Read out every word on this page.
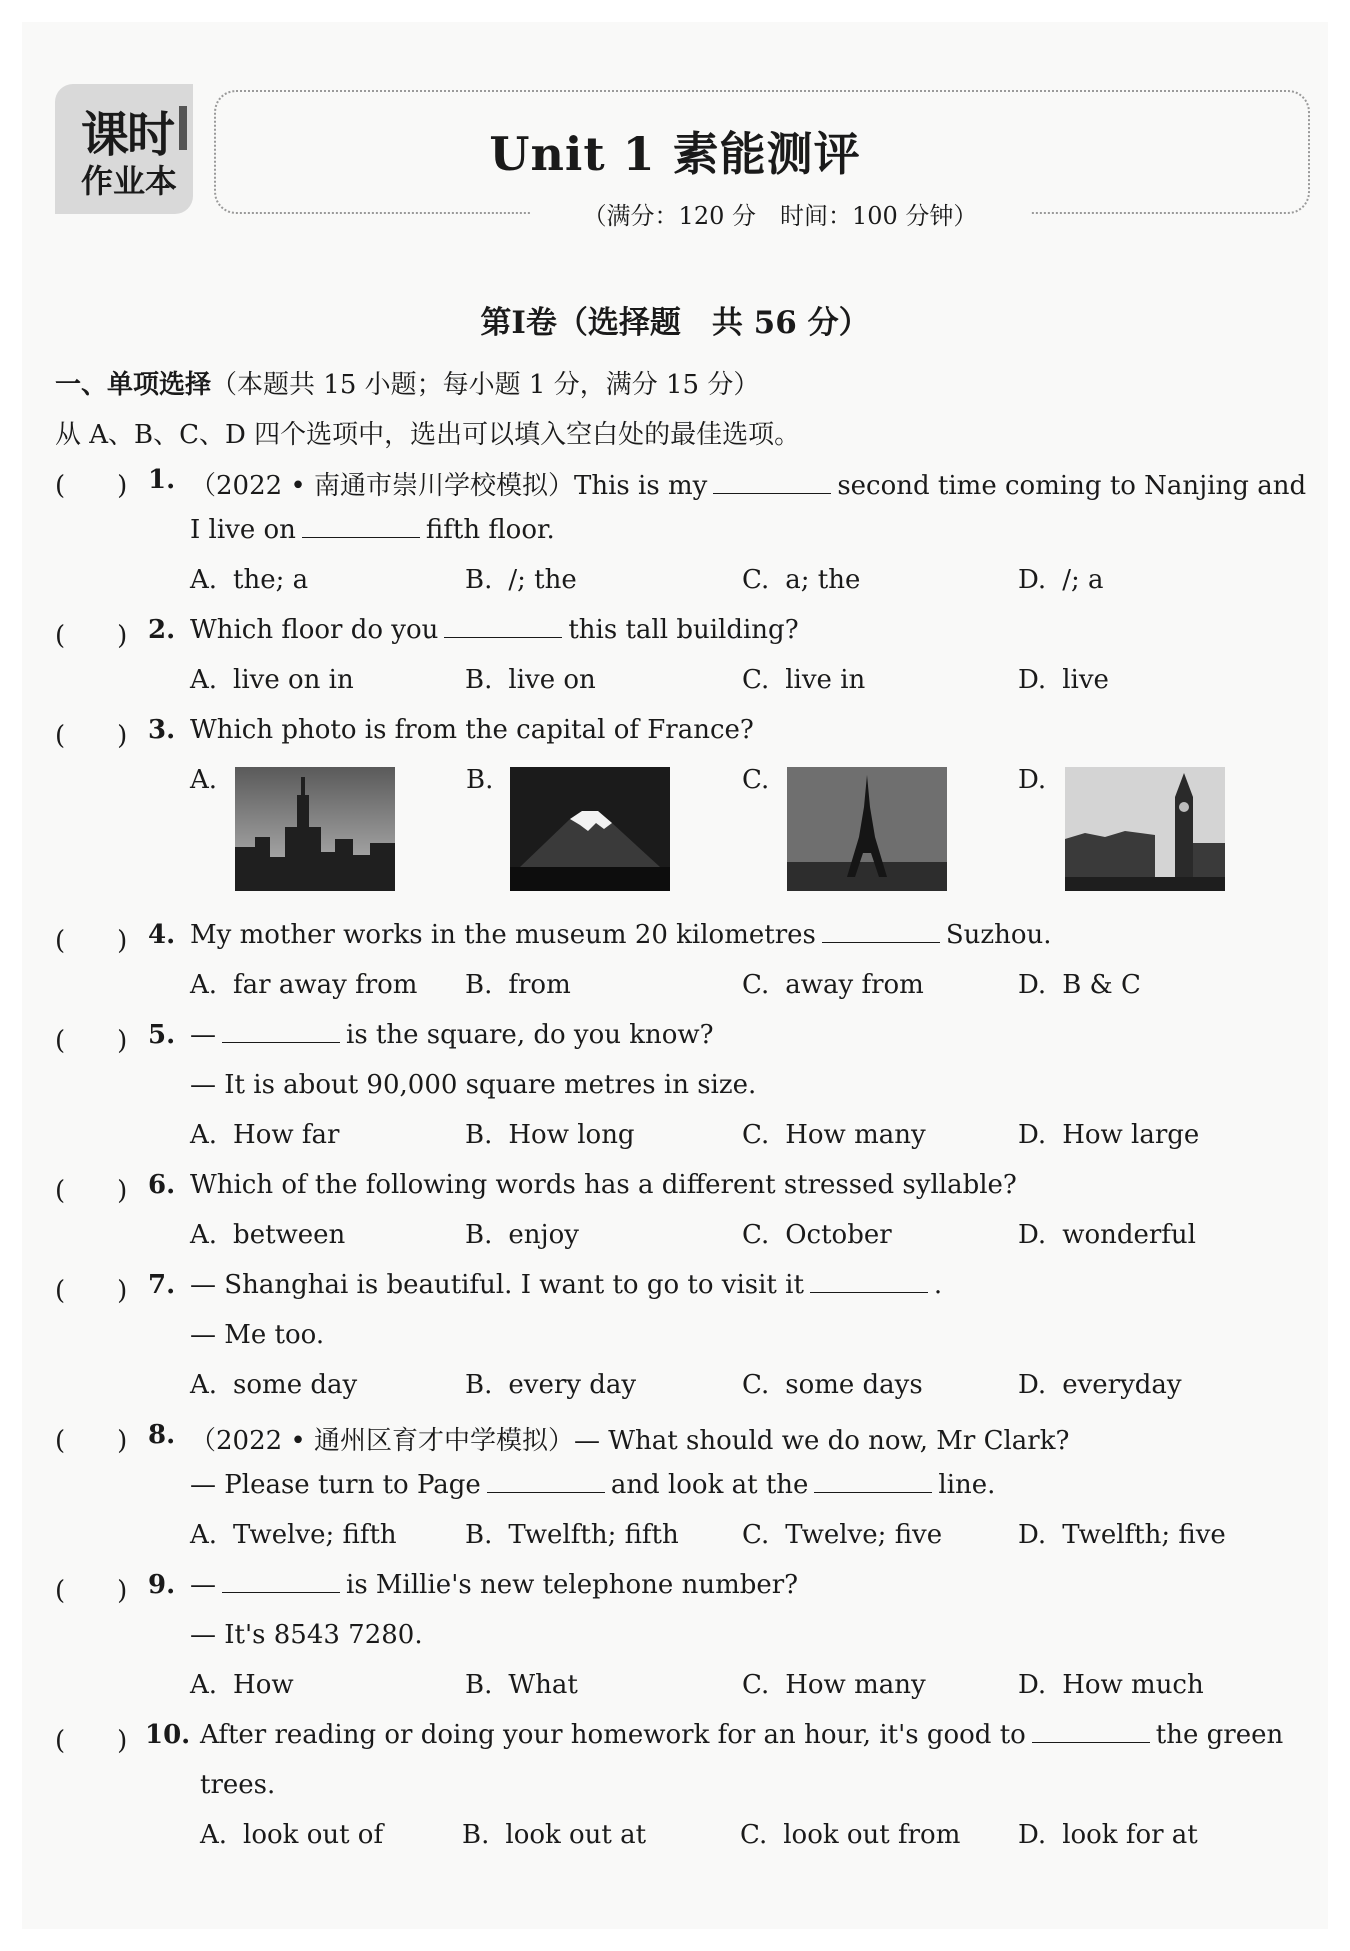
课时
作业本	Unit 1 素能测评
（满分：120 分　时间：100 分钟）
第Ⅰ卷（选择题　共 56 分）
一、单项选择（本题共 15 小题；每小题 1 分，满分 15 分）
从 A、B、C、D 四个选项中，选出可以填入空白处的最佳选项。
(　　) 1. （2022 • 南通市崇川学校模拟）This is my	second time coming to Nanjing and
I live on	fifth floor.
A. the; a	B. /; the	C. a; the	D. /; a
(　　) 2. Which floor do you	this tall building?
A. live on in	B. live on	C. live in	D. live
(　　) 3. Which photo is from the capital of France?
A.	B.	C.	D.
(　　) 4. My mother works in the museum 20 kilometres	Suzhou.
A. far away from B. from	C. away from	D. B & C
(　　) 5. —	is the square, do you know?
— It is about 90,000 square metres in size.
A. How far	B. How long	C. How many	D. How large
(　　) 6. Which of the following words has a different stressed syllable?
A. between	B. enjoy	C. October	D. wonderful
(　　) 7. — Shanghai is beautiful. I want to go to visit it	.
— Me too.
A. some day	B. every day	C. some days	D. everyday
(　　) 8. （2022 • 通州区育才中学模拟）— What should we do now, Mr Clark?
— Please turn to Page	and look at the	line.
A. Twelve; fifth	B. Twelfth; fifth C. Twelve; five	D. Twelfth; five
(　　) 9. —	is Millie's new telephone number?
— It's 8543 7280.
A. How	B. What	C. How many	D. How much
(　　) 10. After reading or doing your homework for an hour, it's good to	the green
trees.
A. look out of	B. look out at	C. look out from D. look for at
